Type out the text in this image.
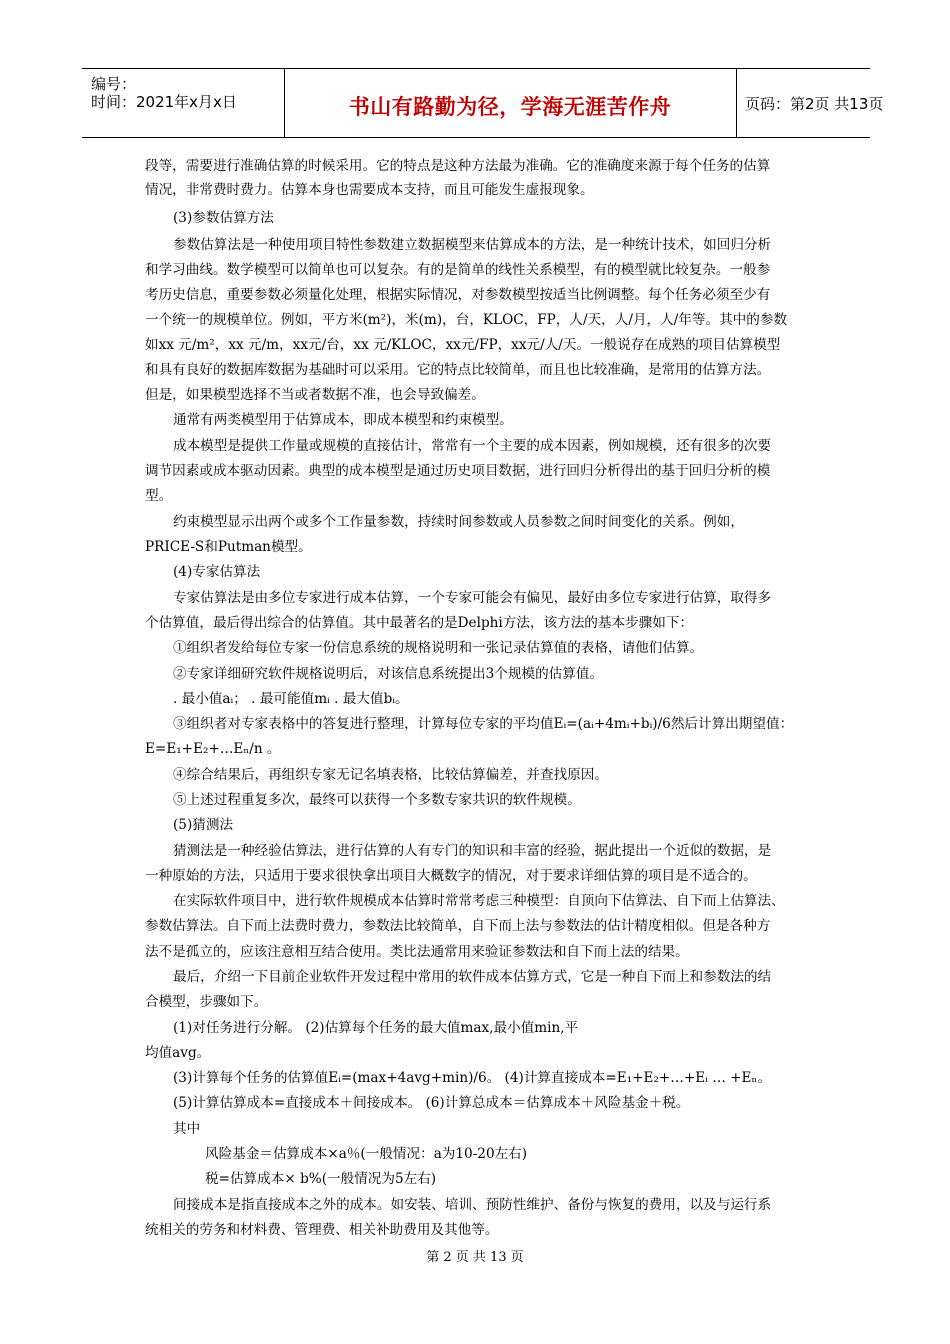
编号：
时间：2021年x月x日	书山有路勤为径，学海无涯苦作舟	页码：第2页 共13页
段等，需要进行准确估算的时候采用。它的特点是这种方法最为准确。它的准确度来源于每个任务的估算
情况，非常费时费力。估算本身也需要成本支持，而且可能发生虚报现象。
(3)参数估算方法
参数估算法是一种使用项目特性参数建立数据模型来估算成本的方法，是一种统计技术，如回归分析
和学习曲线。数学模型可以简单也可以复杂。有的是简单的线性关系模型，有的模型就比较复杂。一般参
考历史信息，重要参数必须量化处理，根据实际情况，对参数模型按适当比例调整。每个任务必须至少有
一个统一的规模单位。例如，平方米(m²)，米(m)，台，KLOC，FP，人/天，人/月，人/年等。其中的参数
如xx 元/m²，xx 元/m，xx元/台，xx 元/KLOC，xx元/FP，xx元/人/天。一般说存在成熟的项目估算模型
和具有良好的数据库数据为基础时可以采用。它的特点比较简单，而且也比较准确，是常用的估算方法。
但是，如果模型选择不当或者数据不准，也会导致偏差。
通常有两类模型用于估算成本，即成本模型和约束模型。
成本模型是提供工作量或规模的直接估计，常常有一个主要的成本因素，例如规模，还有很多的次要
调节因素或成本驱动因素。典型的成本模型是通过历史项目数据，进行回归分析得出的基于回归分析的模
型。
约束模型显示出两个或多个工作量参数，持续时间参数或人员参数之间时间变化的关系。例如，
PRICE-S和Putman模型。
(4)专家估算法
专家估算法是由多位专家进行成本估算，一个专家可能会有偏见，最好由多位专家进行估算，取得多
个估算值，最后得出综合的估算值。其中最著名的是Delphi方法，该方法的基本步骤如下：
①组织者发给每位专家一份信息系统的规格说明和一张记录估算值的表格，请他们估算。
②专家详细研究软件规格说明后，对该信息系统提出3个规模的估算值。
. 最小值aᵢ； . 最可能值mᵢ . 最大值bᵢ。
③组织者对专家表格中的答复进行整理，计算每位专家的平均值Eᵢ=(aᵢ+4mᵢ+bᵢ)/6然后计算出期望值：
E=E₁+E₂+…Eₙ/n 。
④综合结果后，再组织专家无记名填表格，比较估算偏差，并查找原因。
⑤上述过程重复多次，最终可以获得一个多数专家共识的软件规模。
(5)猜测法
猜测法是一种经验估算法，进行估算的人有专门的知识和丰富的经验，据此提出一个近似的数据，是
一种原始的方法，只适用于要求很快拿出项目大概数字的情况，对于要求详细估算的项目是不适合的。
在实际软件项目中，进行软件规模成本估算时常常考虑三种模型：自顶向下估算法、自下而上估算法、
参数估算法。自下而上法费时费力，参数法比较简单，自下而上法与参数法的估计精度相似。但是各种方
法不是孤立的，应该注意相互结合使用。类比法通常用来验证参数法和自下而上法的结果。
最后，介绍一下目前企业软件开发过程中常用的软件成本估算方式，它是一种自下而上和参数法的结
合模型，步骤如下。
(1)对任务进行分解。 (2)估算每个任务的最大值max,最小值min,平
均值avg。
(3)计算每个任务的估算值Eᵢ=(max+4avg+min)/6。 (4)计算直接成本=E₁+E₂+…+Eᵢ … +Eₙ。
(5)计算估算成本=直接成本＋间接成本。 (6)计算总成本＝估算成本＋风险基金＋税。
其中
风险基金＝估算成本×a％(一般情况：a为10-20左右)
税=估算成本× b%(一般情况为5左右)
间接成本是指直接成本之外的成本。如安装、培训、预防性维护、备份与恢复的费用，以及与运行系
统相关的劳务和材料费、管理费、相关补助费用及其他等。
第 2 页 共 13 页
